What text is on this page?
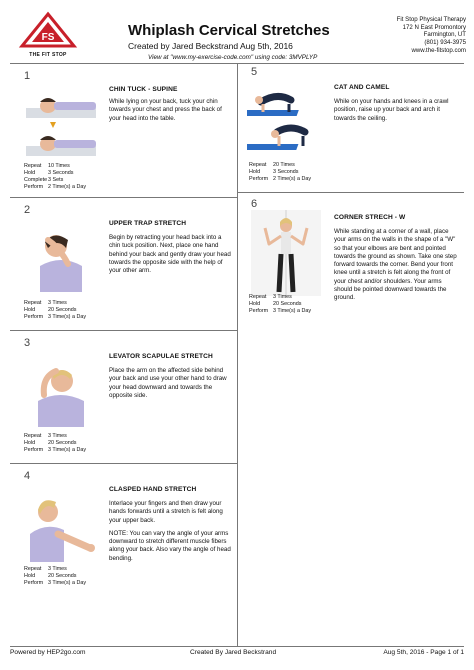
FS
THE FIT STOP
Whiplash Cervical Stretches
Created by Jared Beckstrand Aug 5th, 2016
View at "www.my-exercise-code.com" using code: 3MVPLYP
Fit Stop Physical Therapy
172 N East Promontory
Farmington, UT
(801) 934-3975
www.the-fitstop.com
1
CHIN TUCK - SUPINE

While lying on your back, tuck your chin towards your chest and press the back of your head into the table.

Repeat	10 Times
Hold	3 Seconds
Complete	3 Sets
Perform	2 Time(s) a Day
2
UPPER TRAP STRETCH

Begin by retracting your head back into a chin tuck position. Next, place one hand behind your back and gently draw your head towards the opposite side with the help of your other arm.

Repeat	3 Times
Hold	20 Seconds
Perform	3 Time(s) a Day
3
LEVATOR SCAPULAE STRETCH

Place the arm on the affected side behind your back and use your other hand to draw your head downward and towards the opposite side.

Repeat	3 Times
Hold	20 Seconds
Perform	3 Time(s) a Day
4
CLASPED HAND STRETCH

Interlace your fingers and then draw your hands forwards until a stretch is felt along your upper back.

NOTE: You can vary the angle of your arms downward to stretch different muscle fibers along your back. Also vary the angle of head bending.

Repeat	3 Times
Hold	20 Seconds
Perform	3 Time(s) a Day
5
CAT AND CAMEL

While on your hands and knees in a crawl position, raise up your back and arch it towards the ceiling.

Repeat	20 Times
Hold	3 Seconds
Perform	2 Time(s) a Day
6
CORNER STRECH - W

While standing at a corner of a wall, place your arms on the walls in the shape of a "W" so that your elbows are bent and pointed towards the ground as shown. Take one step forward towards the corner. Bend your front knee until a stretch is felt along the front of your chest and/or shoulders. Your arms should be pointed downward towards the ground.

Repeat	3 Times
Hold	20 Seconds
Perform	3 Time(s) a Day
Powered by HEP2go.com	Created By Jared Beckstrand	Aug 5th, 2016 - Page 1 of 1
